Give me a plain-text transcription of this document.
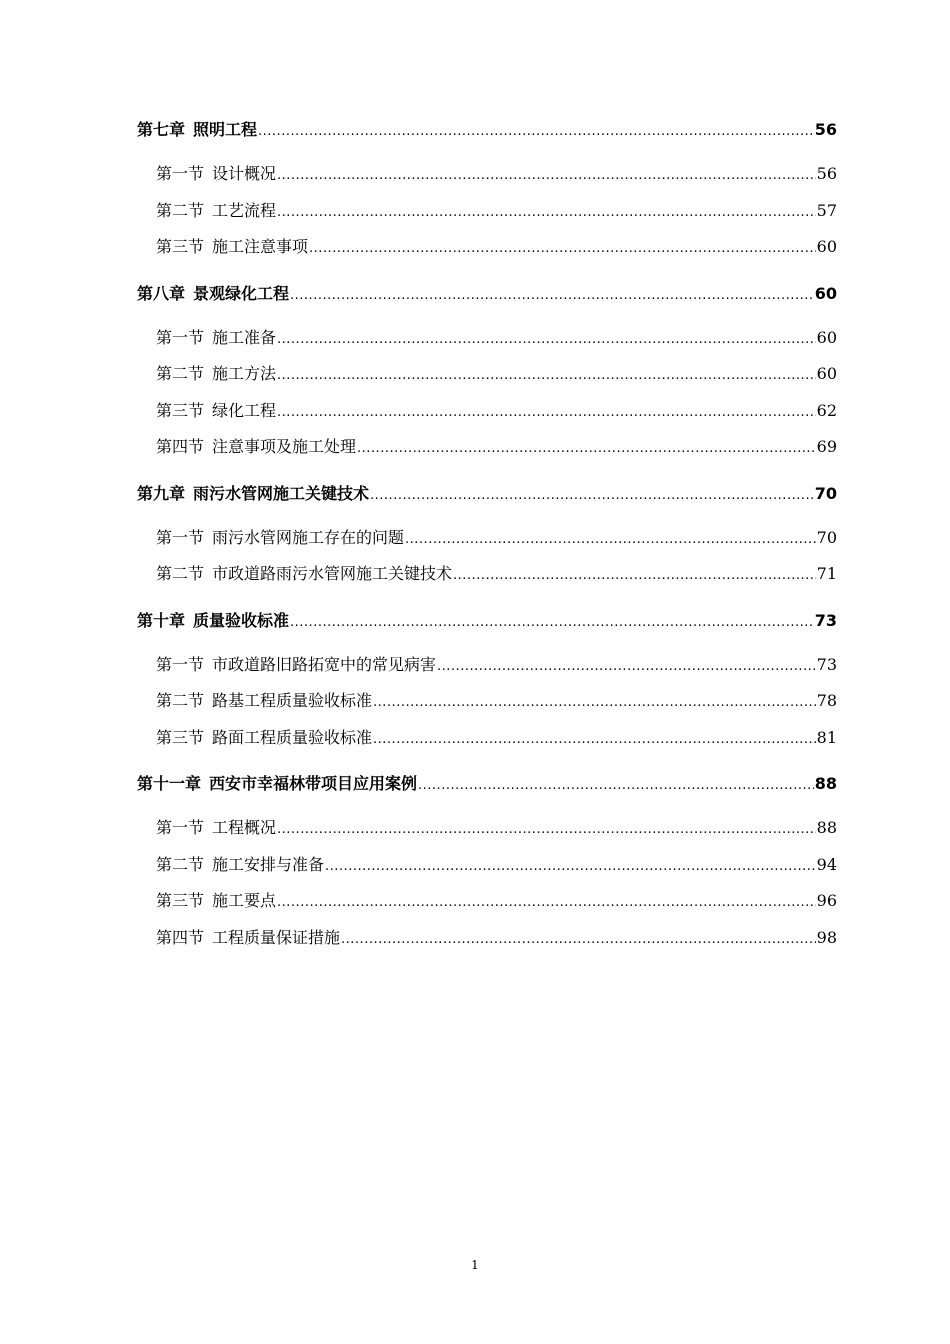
第七章  照明工程 .....	56
第一节  设计概况 .....	56
第二节  工艺流程 .....	57
第三节  施工注意事项 .....	60
第八章  景观绿化工程 .....	60
第一节  施工准备 .....	60
第二节  施工方法 .....	60
第三节  绿化工程 .....	62
第四节  注意事项及施工处理 .....	69
第九章  雨污水管网施工关键技术 .....	70
第一节  雨污水管网施工存在的问题 .....	70
第二节  市政道路雨污水管网施工关键技术 .....	71
第十章  质量验收标准 .....	73
第一节  市政道路旧路拓宽中的常见病害 .....	73
第二节  路基工程质量验收标准 .....	78
第三节  路面工程质量验收标准 .....	81
第十一章  西安市幸福林带项目应用案例 .....	88
第一节  工程概况 .....	88
第二节  施工安排与准备 .....	94
第三节  施工要点 .....	96
第四节  工程质量保证措施 .....	98
1
